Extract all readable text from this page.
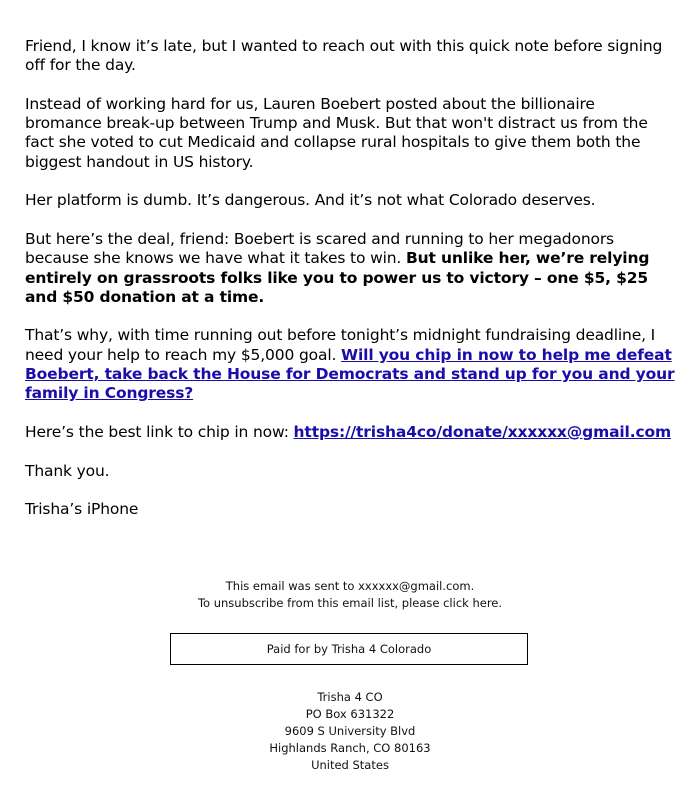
Friend, I know it’s late, but I wanted to reach out with this quick note before signing off for the day.

Instead of working hard for us, Lauren Boebert posted about the billionaire bromance break-up between Trump and Musk. But that won't distract us from the fact she voted to cut Medicaid and collapse rural hospitals to give them both the biggest handout in US history.

Her platform is dumb. It’s dangerous. And it’s not what Colorado deserves.

But here’s the deal, friend: Boebert is scared and running to her megadonors because she knows we have what it takes to win. But unlike her, we’re relying entirely on grassroots folks like you to power us to victory – one $5, $25 and $50 donation at a time.

That’s why, with time running out before tonight’s midnight fundraising deadline, I need your help to reach my $5,000 goal. Will you chip in now to help me defeat Boebert, take back the House for Democrats and stand up for you and your family in Congress?

Here’s the best link to chip in now: https://trisha4co/donate/xxxxxx@gmail.com

Thank you.

Trisha’s iPhone

This email was sent to xxxxxx@gmail.com.
To unsubscribe from this email list, please click here.
Paid for by Trisha 4 Colorado
Trisha 4 CO
PO Box 631322
9609 S University Blvd
Highlands Ranch, CO 80163
United States
